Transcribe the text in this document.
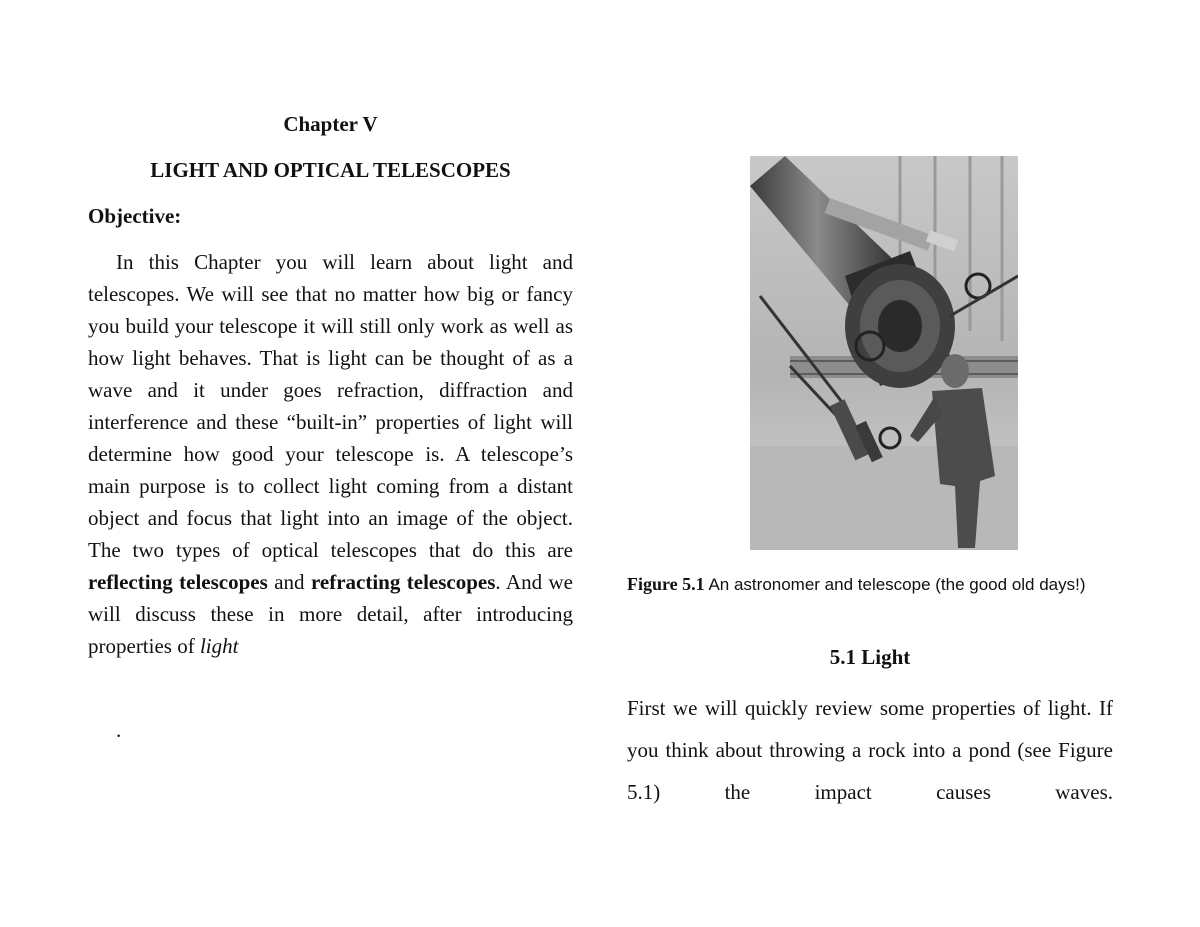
Chapter V
LIGHT AND OPTICAL TELESCOPES
Objective:

In this Chapter you will learn about light and telescopes. We will see that no matter how big or fancy you build your telescope it will still only work as well as how light behaves. That is light can be thought of as a wave and it under goes refraction, diffraction and interference and these “built-in” properties of light will determine how good your telescope is. A telescope’s main purpose is to collect light coming from a distant object and focus that light into an image of the object. The two types of optical telescopes that do this are reflecting telescopes and refracting telescopes. And we will discuss these in more detail, after introducing properties of light

.
Figure 5.1 An astronomer and telescope (the good old days!)
5.1 Light
First we will quickly review some properties of light. If you think about throwing a rock into a pond (see Figure 5.1) the impact causes waves.
